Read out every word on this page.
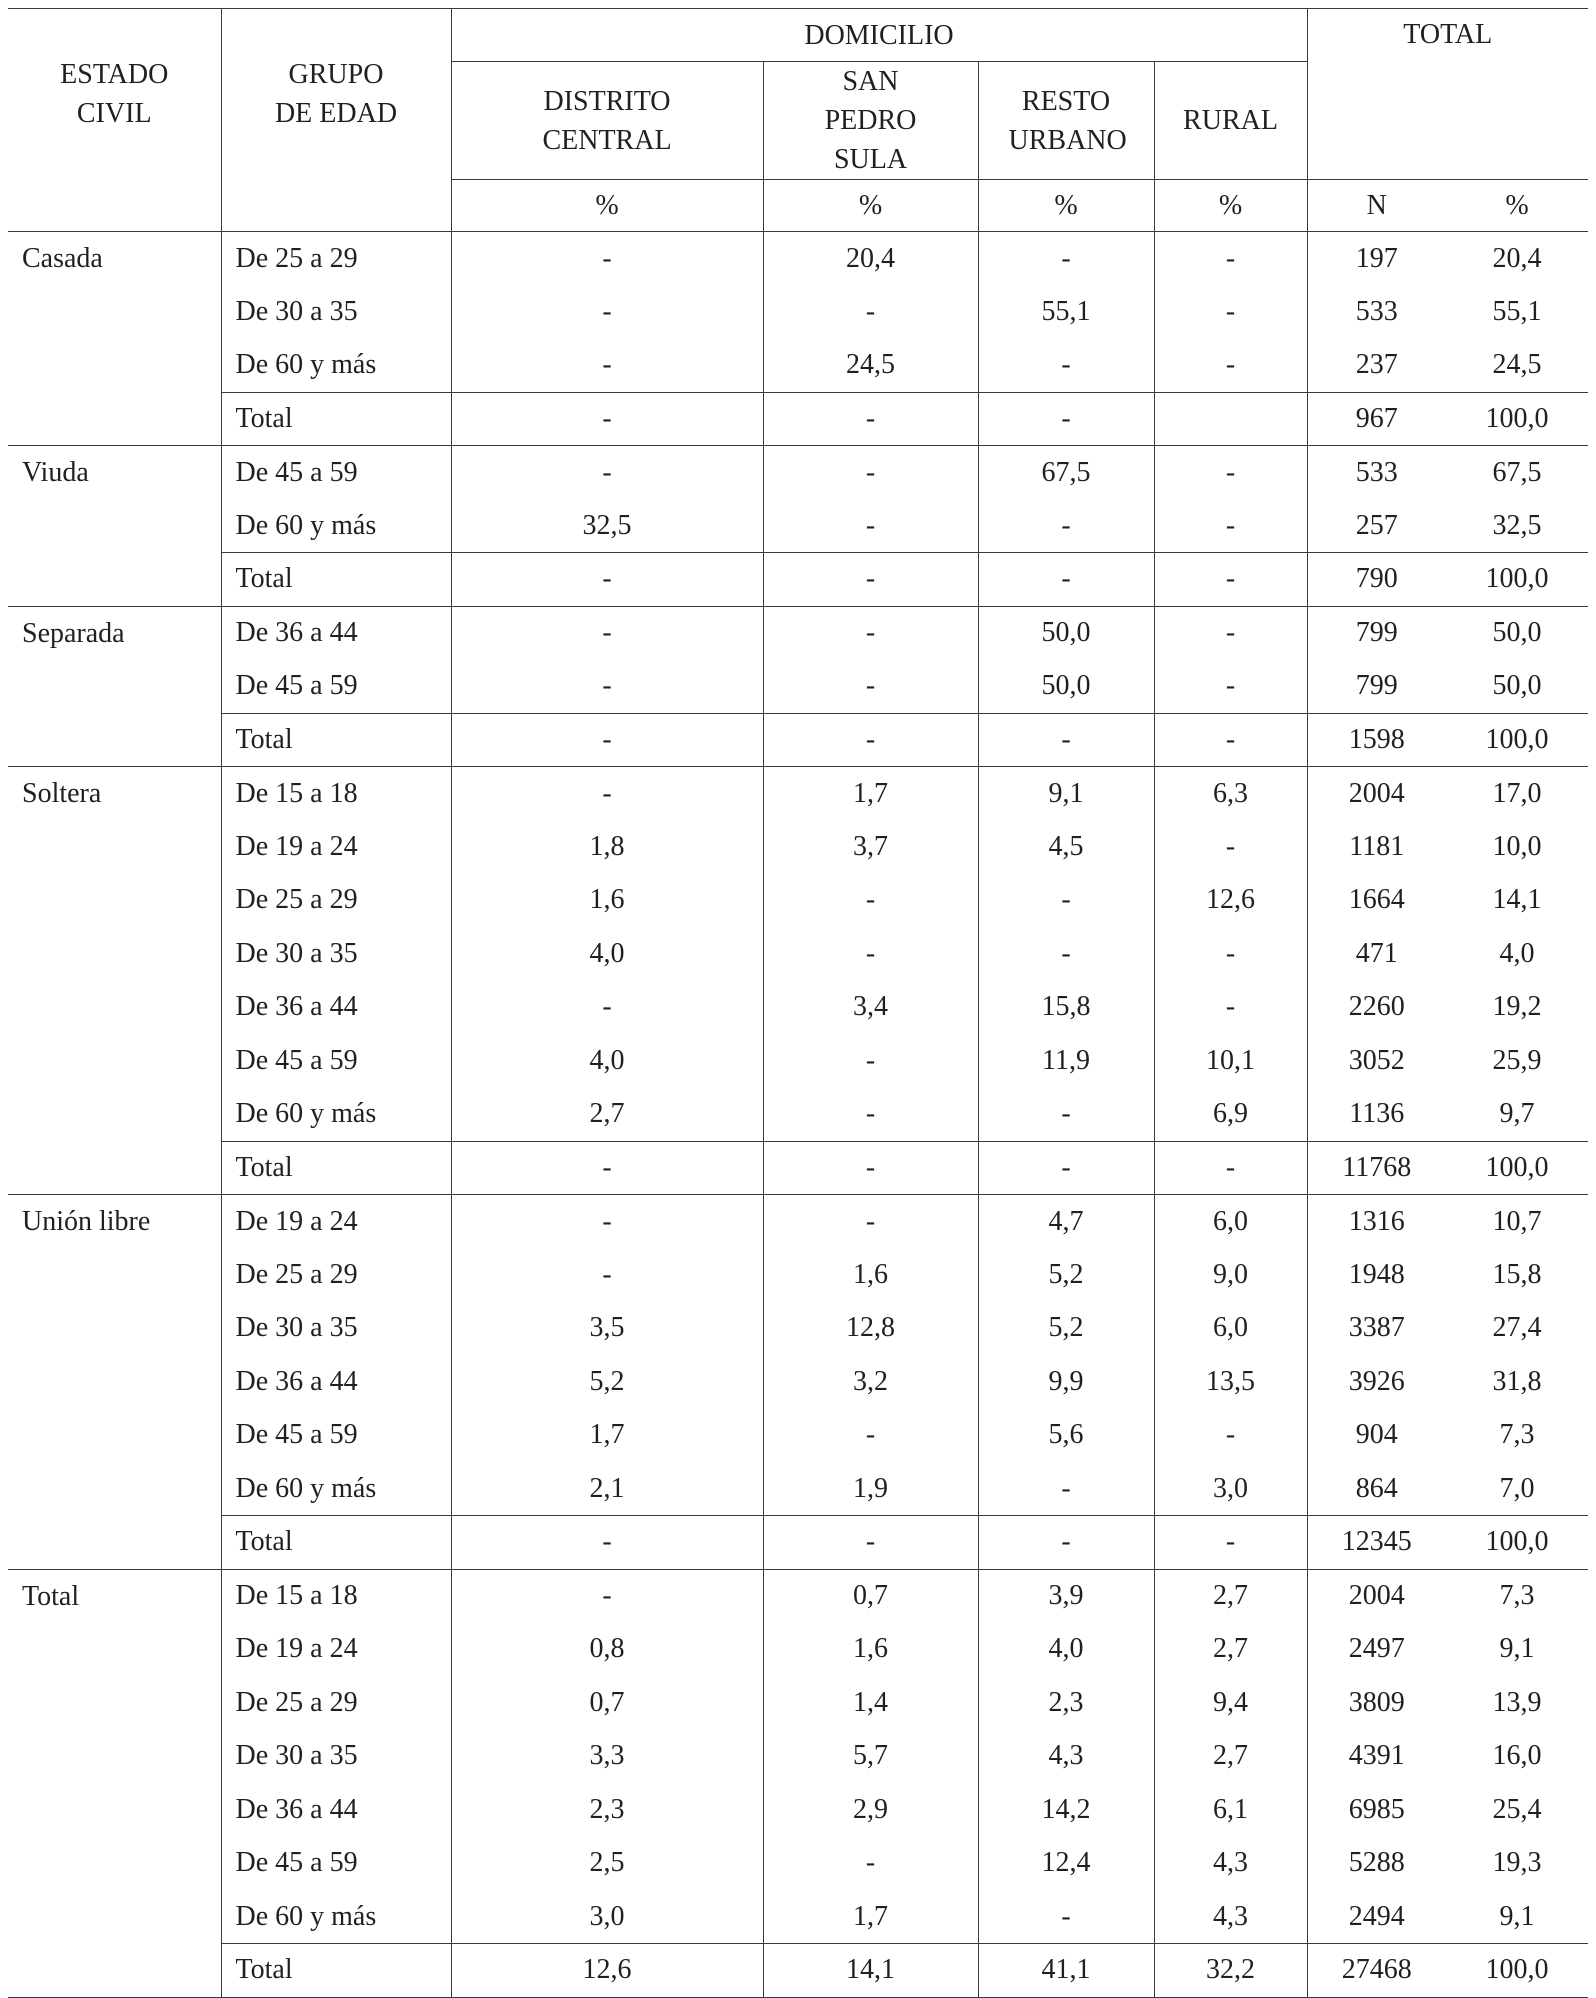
ESTADO CIVIL	GRUPO DE EDAD	DOMICILIO				TOTAL	
		DISTRITO CENTRAL	SAN PEDRO SULA	RESTO URBANO	RURAL		
		%	%	%	%	N	%
Casada	De 25 a 29	-	20,4	-	-	197	20,4
	De 30 a 35	-	-	55,1	-	533	55,1
	De 60 y más	-	24,5	-	-	237	24,5
	Total	-	-	-		967	100,0
Viuda	De 45 a 59	-	-	67,5	-	533	67,5
	De 60 y más	32,5	-	-	-	257	32,5
	Total	-	-	-	-	790	100,0
Separada	De 36 a 44	-	-	50,0	-	799	50,0
	De 45 a 59	-	-	50,0	-	799	50,0
	Total	-	-	-	-	1598	100,0
Soltera	De 15 a 18	-	1,7	9,1	6,3	2004	17,0
	De 19 a 24	1,8	3,7	4,5	-	1181	10,0
	De 25 a 29	1,6	-	-	12,6	1664	14,1
	De 30 a 35	4,0	-	-	-	471	4,0
	De 36 a 44	-	3,4	15,8	-	2260	19,2
	De 45 a 59	4,0	-	11,9	10,1	3052	25,9
	De 60 y más	2,7	-	-	6,9	1136	9,7
	Total	-	-	-	-	11768	100,0
Unión libre	De 19 a 24	-	-	4,7	6,0	1316	10,7
	De 25 a 29	-	1,6	5,2	9,0	1948	15,8
	De 30 a 35	3,5	12,8	5,2	6,0	3387	27,4
	De 36 a 44	5,2	3,2	9,9	13,5	3926	31,8
	De 45 a 59	1,7	-	5,6	-	904	7,3
	De 60 y más	2,1	1,9	-	3,0	864	7,0
	Total	-	-	-	-	12345	100,0
Total	De 15 a 18	-	0,7	3,9	2,7	2004	7,3
	De 19 a 24	0,8	1,6	4,0	2,7	2497	9,1
	De 25 a 29	0,7	1,4	2,3	9,4	3809	13,9
	De 30 a 35	3,3	5,7	4,3	2,7	4391	16,0
	De 36 a 44	2,3	2,9	14,2	6,1	6985	25,4
	De 45 a 59	2,5	-	12,4	4,3	5288	19,3
	De 60 y más	3,0	1,7	-	4,3	2494	9,1
	Total	12,6	14,1	41,1	32,2	27468	100,0
